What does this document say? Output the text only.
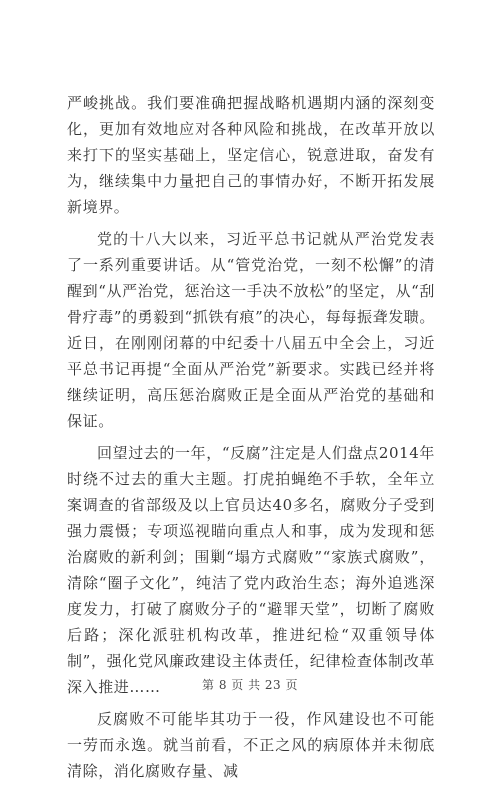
严峻挑战。我们要准确把握战略机遇期内涵的深刻变化，更加有效地应对各种风险和挑战，在改革开放以来打下的坚实基础上，坚定信心，锐意进取，奋发有为，继续集中力量把自己的事情办好，不断开拓发展新境界。

党的十八大以来，习近平总书记就从严治党发表了一系列重要讲话。从“管党治党，一刻不松懈”的清醒到“从严治党，惩治这一手决不放松”的坚定，从“刮骨疗毒”的勇毅到“抓铁有痕”的决心，每每振聋发聩。近日，在刚刚闭幕的中纪委十八届五中全会上，习近平总书记再提“全面从严治党”新要求。实践已经并将继续证明，高压惩治腐败正是全面从严治党的基础和保证。

回望过去的一年，“反腐”注定是人们盘点2014年时绕不过去的重大主题。打虎拍蝇绝不手软，全年立案调查的省部级及以上官员达40多名，腐败分子受到强力震慑；专项巡视瞄向重点人和事，成为发现和惩治腐败的新利剑；围剿“塌方式腐败”“家族式腐败”，清除“圈子文化”，纯洁了党内政治生态；海外追逃深度发力，打破了腐败分子的“避罪天堂”，切断了腐败后路；深化派驻机构改革，推进纪检“双重领导体制”，强化党风廉政建设主体责任，纪律检查体制改革深入推进……

反腐败不可能毕其功于一役，作风建设也不可能一劳而永逸。就当前看，不正之风的病原体并未彻底清除，消化腐败存量、减

第 8 页 共 23 页
